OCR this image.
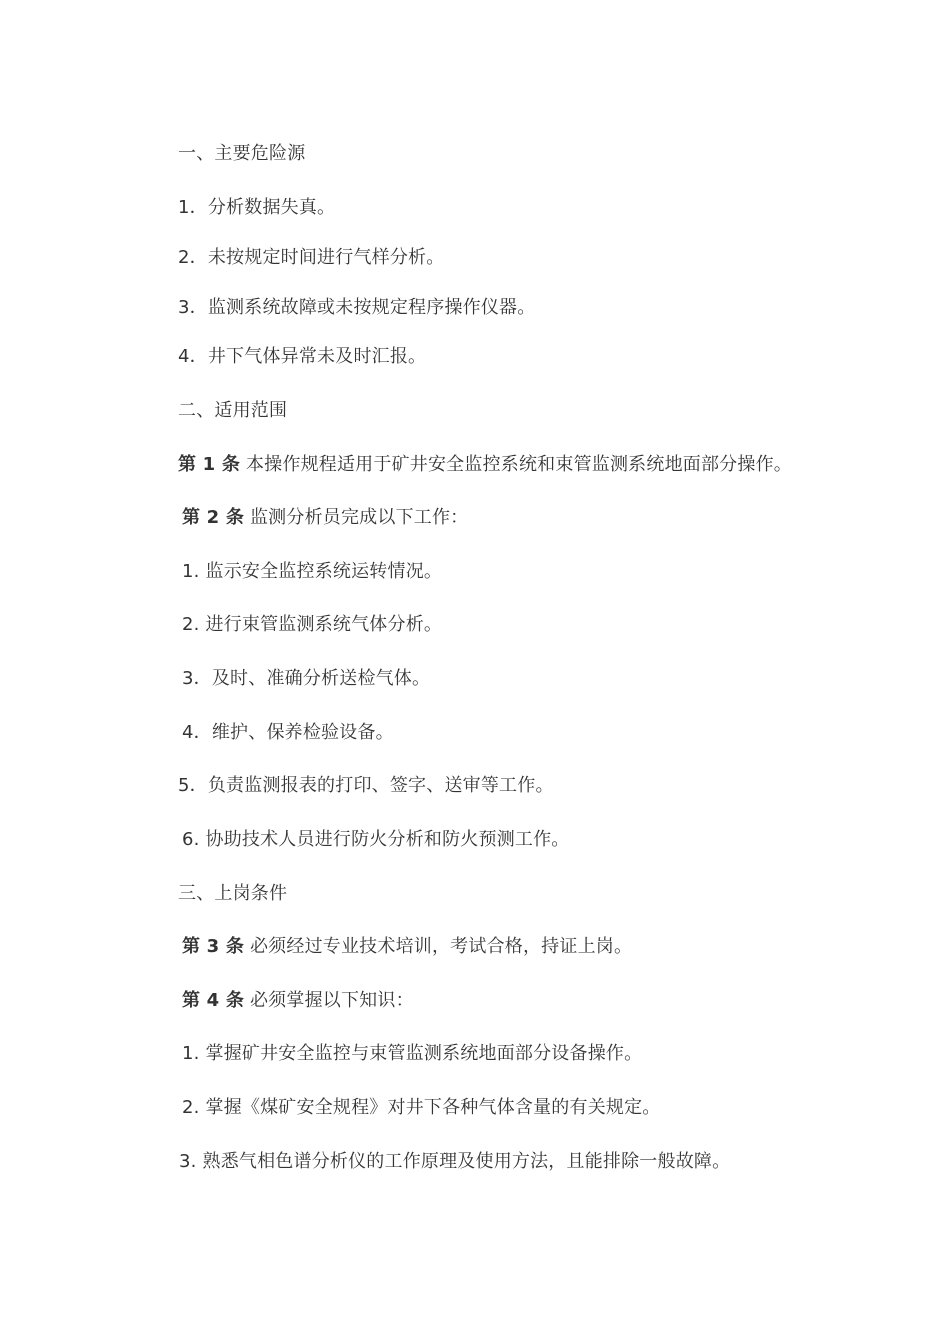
一、主要危险源
1．分析数据失真。
2．未按规定时间进行气样分析。
3．监测系统故障或未按规定程序操作仪器。
4．井下气体异常未及时汇报。
二、适用范围
第 1 条 本操作规程适用于矿井安全监控系统和束管监测系统地面部分操作。
第 2 条 监测分析员完成以下工作：
1. 监示安全监控系统运转情况。
2. 进行束管监测系统气体分析。
3．及时、准确分析送检气体。
4．维护、保养检验设备。
5．负责监测报表的打印、签字、送审等工作。
6. 协助技术人员进行防火分析和防火预测工作。
三、上岗条件
第 3 条 必须经过专业技术培训，考试合格，持证上岗。
第 4 条 必须掌握以下知识：
1. 掌握矿井安全监控与束管监测系统地面部分设备操作。
2. 掌握《煤矿安全规程》对井下各种气体含量的有关规定。
3. 熟悉气相色谱分析仪的工作原理及使用方法，且能排除一般故障。
